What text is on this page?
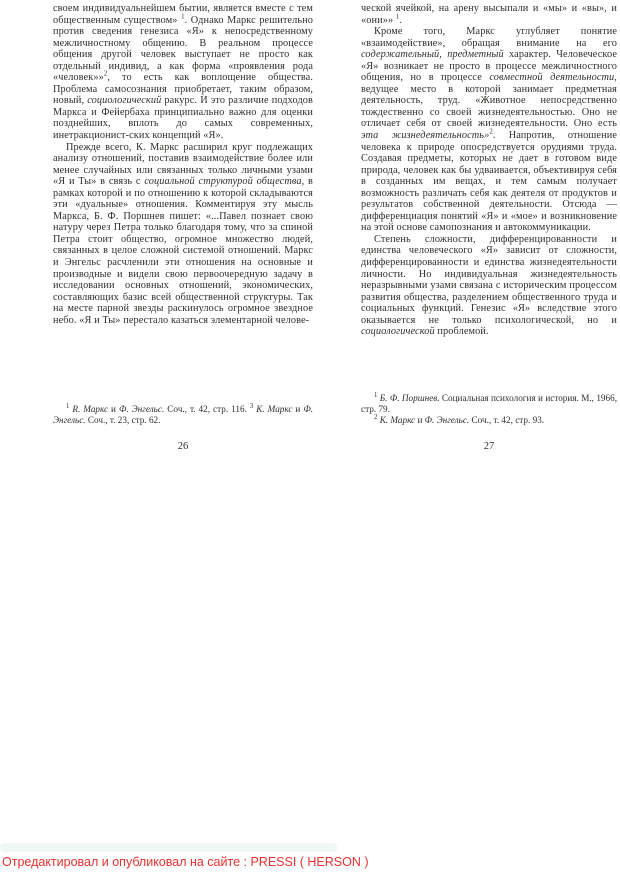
своем индивидуальнейшем бытии, является вместе с тем общественным существом» $^1$. Однако Маркс решительно против сведения генезиса «Я» к непосредственному межличностному общению. В реальном процессе общения другой человек выступает не просто как отдельный индивид, а как форма «проявления рода «человек»»$^2$, то есть как воплощение общества. Проблема самосознания приобретает, таким образом, новый, социологический ракурс. И это различие подходов Маркса и Фейербаха принципиально важно для оценки позднейших, вплоть до самых современных, инетракционист-ских концепций «Я».

Прежде всего, К. Маркс расширил круг подлежащих анализу отношений, поставив взаимодействие более или менее случайных или связанных только личными узами «Я и Ты» в связь с социальной структурой общества, в рамках которой и по отношению к которой складываются эти «дуальные» отношения. Комментируя эту мысль Маркса, Б. Ф. Поршнев пишет: «...Павел познает свою натуру через Петра только благодаря тому, что за спиной Петра стоит общество, огромное множество людей, связанных в целое сложной системой отношений. Маркс и Энгельс расчленили эти отношения на основные и производные и видели свою первоочередную задачу в исследовании основных отношений, экономических, составляющих базис всей общественной структуры. Так на месте парной звезды раскинулось огромное звездное небо. «Я и Ты» перестало казаться элементарной челове-

$^1$ R. Маркс и Ф. Энгельс. Соч., т. 42, стр. 116. $^3$ К. Маркс и Ф. Энгельс. Соч., т. 23, стр. 62.

26

ческой ячейкой, на арену высыпали и «мы» и «вы», и «они»» $^1$.

Кроме того, Маркс углубляет понятие «взаимодействие», обращая внимание на его содержательный, предметный характер. Человеческое «Я» возникает не просто в процессе межличностного общения, но в процессе совместной деятельности, ведущее место в которой занимает предметная деятельность, труд. «Животное непосредственно тождественно со своей жизнедеятельностью. Оно не отличает себя от своей жизнедеятельности. Оно есть эта жизнедеятельность»$^2$. Напротив, отношение человека к природе опосредствуется орудиями труда. Создавая предметы, которых не дает в готовом виде природа, человек как бы удваивается, объективируя себя в созданных им вещах, и тем самым получает возможность различать себя как деятеля от продуктов и результатов собственной деятельности. Отсюда — дифференциация понятий «Я» и «мое» и возникновение на этой основе самопознания и автокоммуникации.

Степень сложности, дифференцированности и единства человеческого «Я» зависит от сложности, дифференцированности и единства жизнедеятельности личности. Но индивидуальная жизнедеятельность неразрывными узами связана с историческим процессом развития общества, разделением общественного труда и социальных функций. Генезис «Я» вследствие этого оказывается не только психологической, но и социологической проблемой.

$^1$ Б. Ф. Поршнев. Социальная психология и история. М., 1966, стр. 79.

$^2$ К. Маркс и Ф. Энгельс. Соч., т. 42, стр. 93.

27
Отредактировал и опубликовал на сайте : PRESSI ( HERSON )
